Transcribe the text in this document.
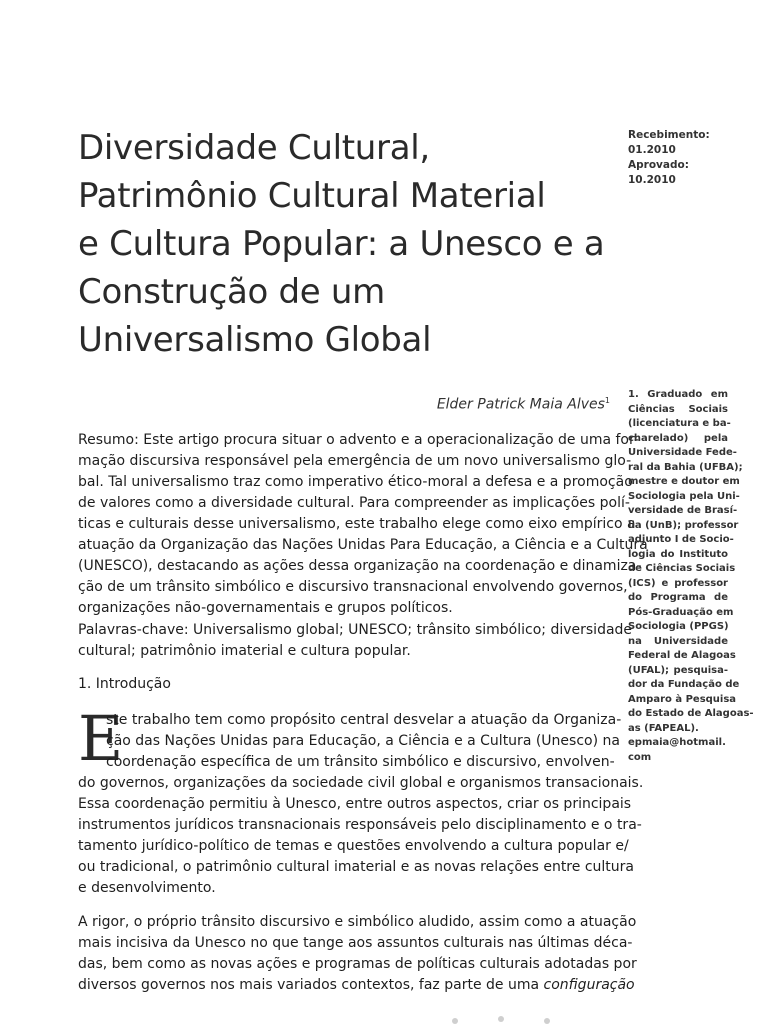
Diversidade Cultural,
Patrimônio Cultural Material
e Cultura Popular: a Unesco e a
Construção de um
Universalismo Global
Recebimento:
01.2010
Aprovado:
10.2010
Elder Patrick Maia Alves$^1$
Resumo: Este artigo procura situar o advento e a operacionalização de uma for-
mação discursiva responsável pela emergência de um novo universalismo glo-
bal. Tal universalismo traz como imperativo ético-moral a defesa e a promoção
de valores como a diversidade cultural. Para compreender as implicações polí-
ticas e culturais desse universalismo, este trabalho elege como eixo empírico a
atuação da Organização das Nações Unidas Para Educação, a Ciência e a Cultura
(UNESCO), destacando as ações dessa organização na coordenação e dinamiza-
ção de um trânsito simbólico e discursivo transnacional envolvendo governos,
organizações não-governamentais e grupos políticos.
Palavras-chave: Universalismo global; UNESCO; trânsito simbólico; diversidade
cultural; patrimônio imaterial e cultura popular.
1. Introdução
E
ste trabalho tem como propósito central desvelar a atuação da Organiza-
ção das Nações Unidas para Educação, a Ciência e a Cultura (Unesco) na
coordenação específica de um trânsito simbólico e discursivo, envolven-
do governos, organizações da sociedade civil global e organismos transacionais.
Essa coordenação permitiu à Unesco, entre outros aspectos, criar os principais
instrumentos jurídicos transnacionais responsáveis pelo disciplinamento e o tra-
tamento jurídico-político de temas e questões envolvendo a cultura popular e/
ou tradicional, o patrimônio cultural imaterial e as novas relações entre cultura
e desenvolvimento.
A rigor, o próprio trânsito discursivo e simbólico aludido, assim como a atuação
mais incisiva da Unesco no que tange aos assuntos culturais nas últimas déca-
das, bem como as novas ações e programas de políticas culturais adotadas por
diversos governos nos mais variados contextos, faz parte de uma configuração
1. Graduado em
Ciências Sociais
(licenciatura e ba-
charelado) pela
Universidade Fede-
ral da Bahia (UFBA);
mestre e doutor em
Sociologia pela Uni-
versidade de Brasí-
lia (UnB); professor
adjunto I de Socio-
logia do Instituto
de Ciências Sociais
(ICS) e professor
do Programa de
Pós-Graduação em
Sociologia (PPGS)
na Universidade
Federal de Alagoas
(UFAL); pesquisa-
dor da Fundação de
Amparo à Pesquisa
do Estado de Alagoas-
as (FAPEAL).
epmaia@hotmail.
com
